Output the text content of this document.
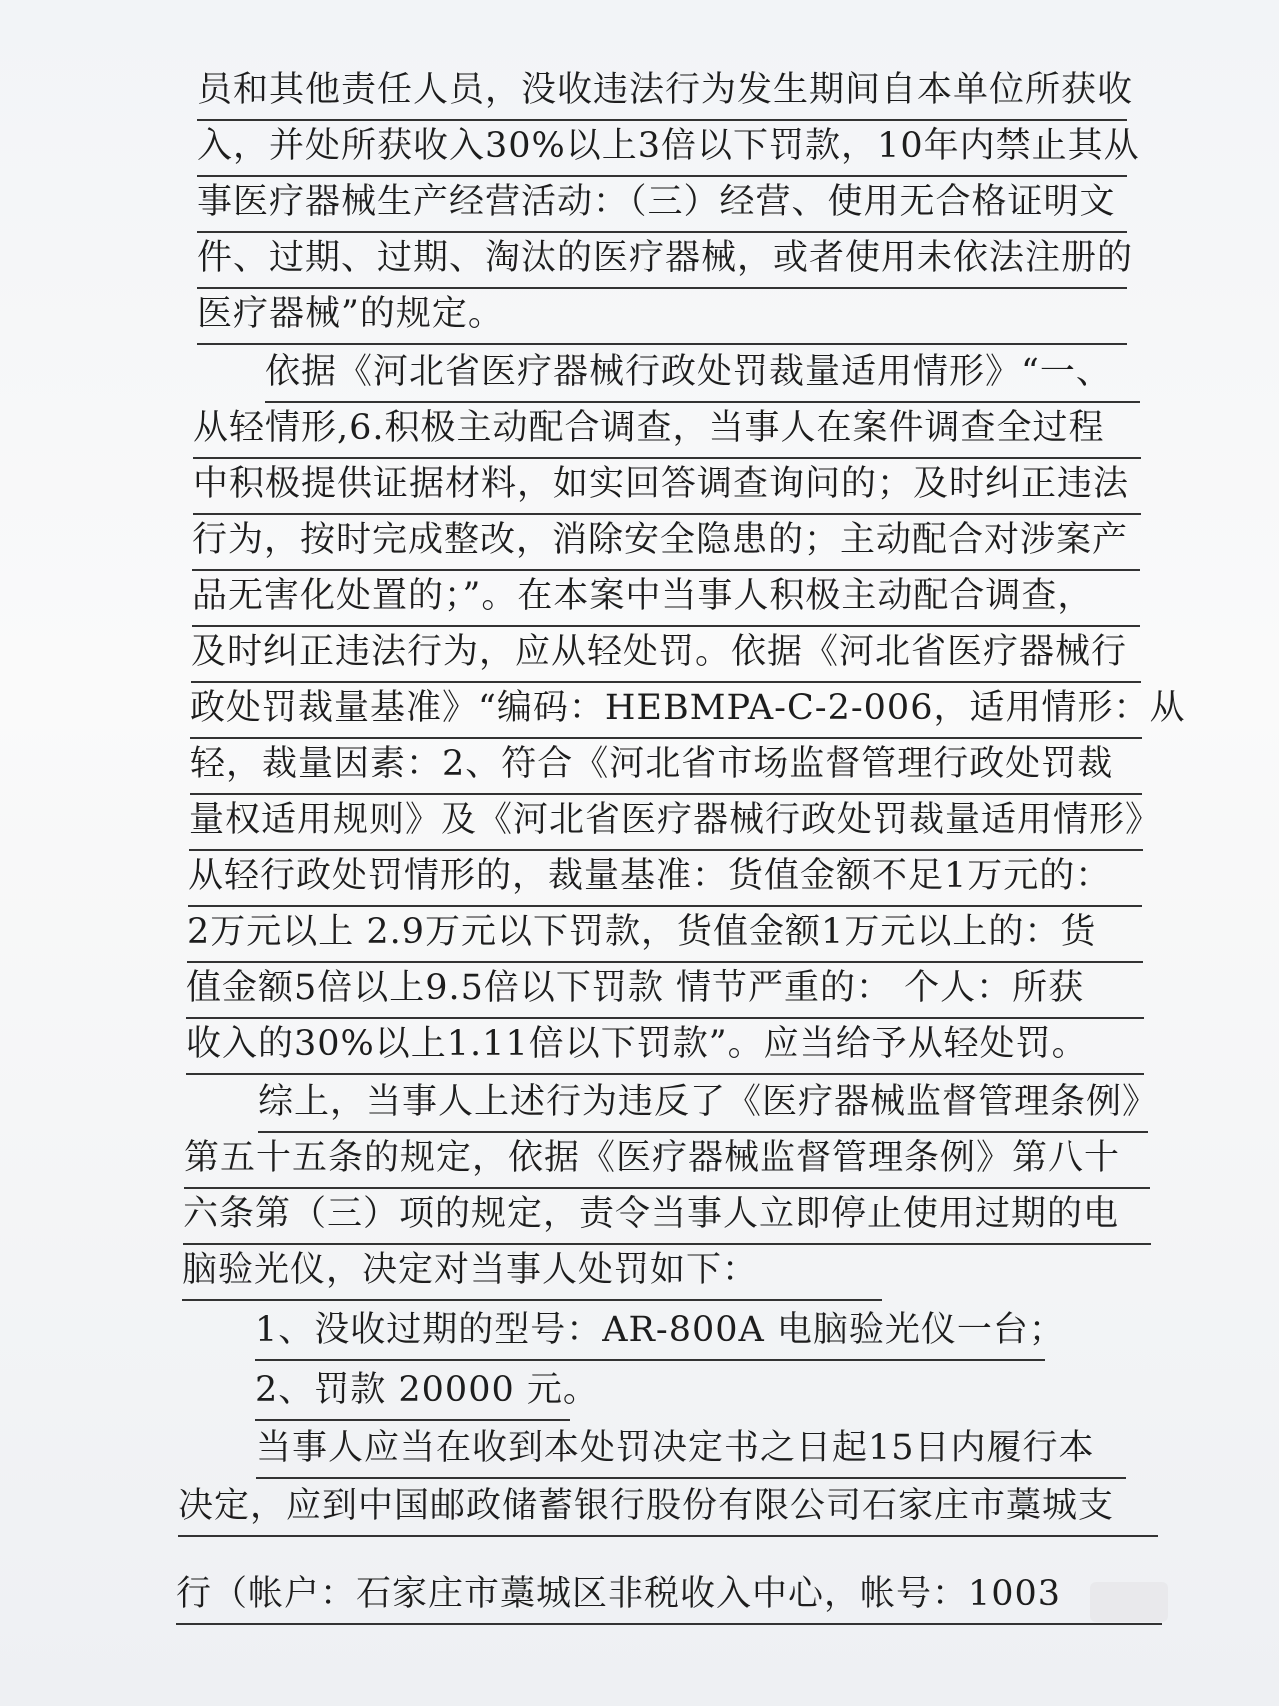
员和其他责任人员，没收违法行为发生期间自本单位所获收
入，并处所获收入30%以上3倍以下罚款，10年内禁止其从
事医疗器械生产经营活动：（三）经营、使用无合格证明文
件、过期、过期、淘汰的医疗器械，或者使用未依法注册的
医疗器械”的规定。
依据《河北省医疗器械行政处罚裁量适用情形》“一、
从轻情形,6.积极主动配合调查，当事人在案件调查全过程
中积极提供证据材料，如实回答调查询问的；及时纠正违法
行为，按时完成整改，消除安全隐患的；主动配合对涉案产
品无害化处置的；”。在本案中当事人积极主动配合调查，
及时纠正违法行为，应从轻处罚。依据《河北省医疗器械行
政处罚裁量基准》“编码：HEBMPA-C-2-006，适用情形：从
轻，裁量因素：2、符合《河北省市场监督管理行政处罚裁
量权适用规则》及《河北省医疗器械行政处罚裁量适用情形》
从轻行政处罚情形的，裁量基准：货值金额不足1万元的：
2万元以上 2.9万元以下罚款，货值金额1万元以上的：货
值金额5倍以上9.5倍以下罚款 情节严重的： 个人：所获
收入的30%以上1.11倍以下罚款”。应当给予从轻处罚。
综上，当事人上述行为违反了《医疗器械监督管理条例》
第五十五条的规定，依据《医疗器械监督管理条例》第八十
六条第（三）项的规定，责令当事人立即停止使用过期的电
脑验光仪，决定对当事人处罚如下：
1、没收过期的型号：AR-800A 电脑验光仪一台；
2、罚款 20000 元。
当事人应当在收到本处罚决定书之日起15日内履行本
决定，应到中国邮政储蓄银行股份有限公司石家庄市藁城支
行（帐户：石家庄市藁城区非税收入中心，帐号：1003
